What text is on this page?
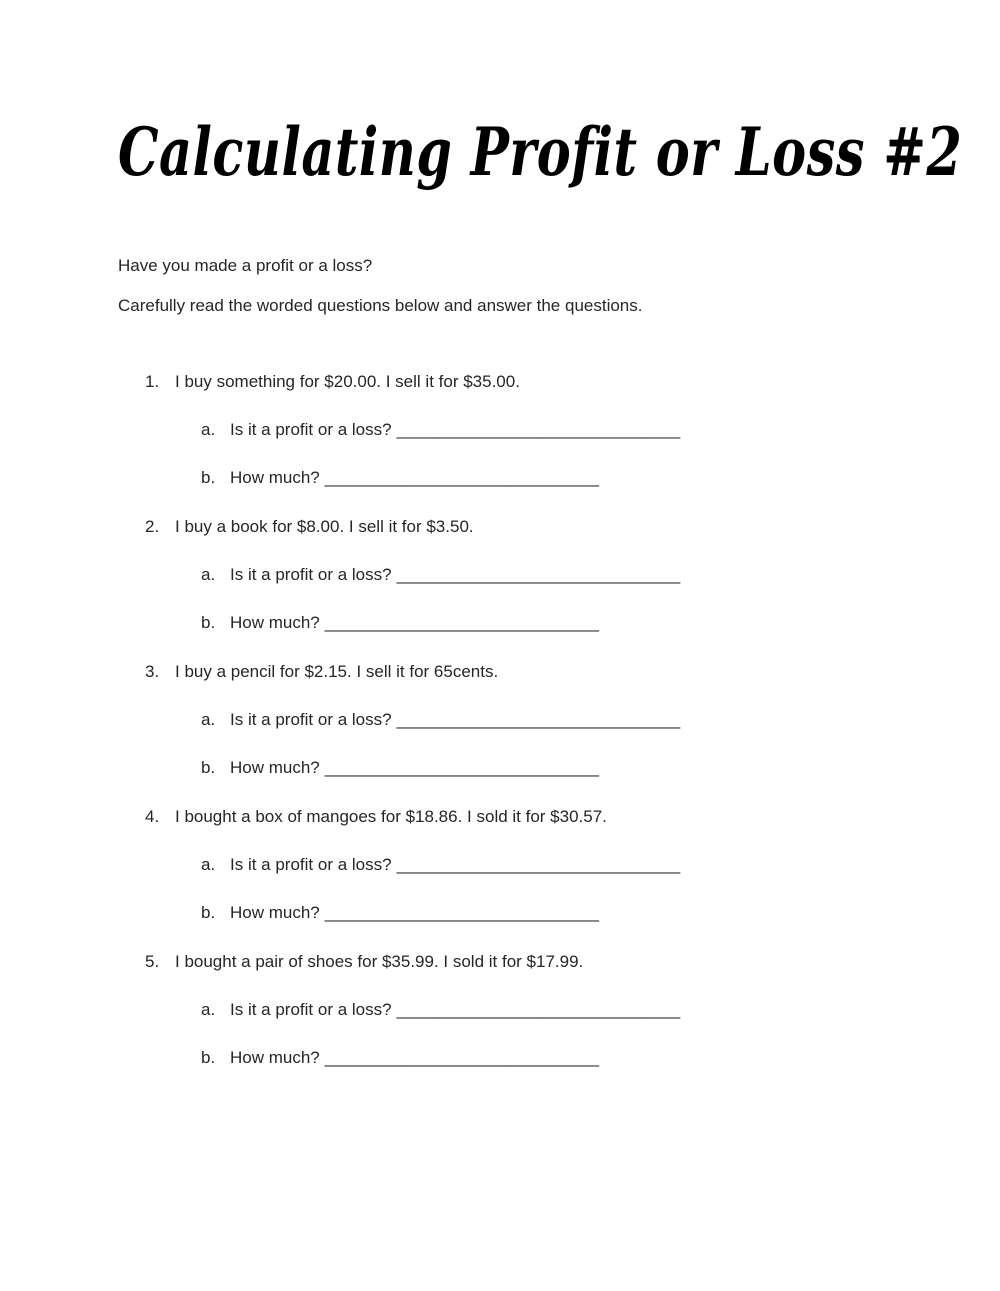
Calculating Profit or Loss #2

Have you made a profit or a loss?

Carefully read the worded questions below and answer the questions.

1. I buy something for $20.00. I sell it for $35.00.
a. Is it a profit or a loss? ______________________________
b. How much? _____________________________
2. I buy a book for $8.00. I sell it for $3.50.
a. Is it a profit or a loss? ______________________________
b. How much? _____________________________
3. I buy a pencil for $2.15. I sell it for 65cents.
a. Is it a profit or a loss? ______________________________
b. How much? _____________________________
4. I bought a box of mangoes for $18.86. I sold it for $30.57.
a. Is it a profit or a loss? ______________________________
b. How much? _____________________________
5. I bought a pair of shoes for $35.99. I sold it for $17.99.
a. Is it a profit or a loss? ______________________________
b. How much? _____________________________
